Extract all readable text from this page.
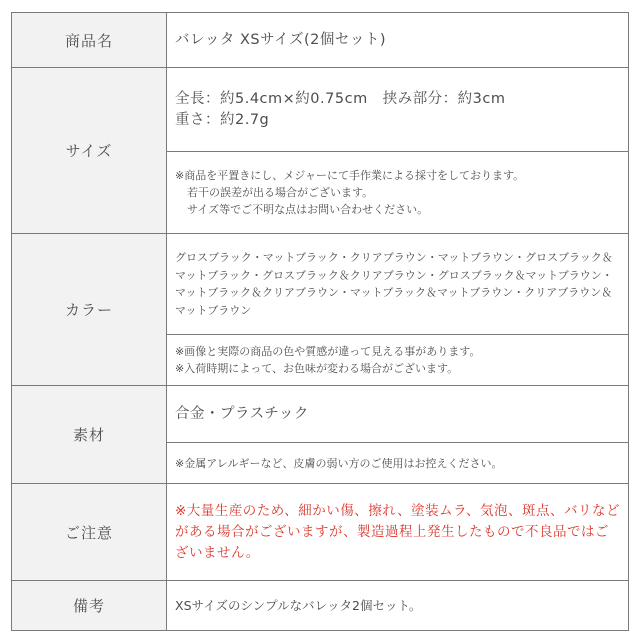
商品名	バレッタ XSサイズ(2個セット)
サイズ	全長：約5.4cm×約0.75cm　挟み部分：約3cm
重さ：約2.7g

	※商品を平置きにし、メジャーにて手作業による採寸をしております。
若干の誤差が出る場合がございます。
サイズ等でご不明な点はお問い合わせください。

カラー	グロスブラック・マットブラック・クリアブラウン・マットブラウン・グロスブラック＆マットブラック・グロスブラック＆クリアブラウン・グロスブラック＆マットブラウン・マットブラック＆クリアブラウン・マットブラック＆マットブラウン・クリアブラウン＆マットブラウン

	※画像と実際の商品の色や質感が違って見える事があります。
※入荷時期によって、お色味が変わる場合がございます。

素材	合金・プラスチック
	※金属アレルギーなど、皮膚の弱い方のご使用はお控えください。
ご注意	※大量生産のため、細かい傷、擦れ、塗装ムラ、気泡、斑点、バリなどがある場合がございますが、製造過程上発生したもので不良品ではございません。

備考	XSサイズのシンプルなバレッタ2個セット。
